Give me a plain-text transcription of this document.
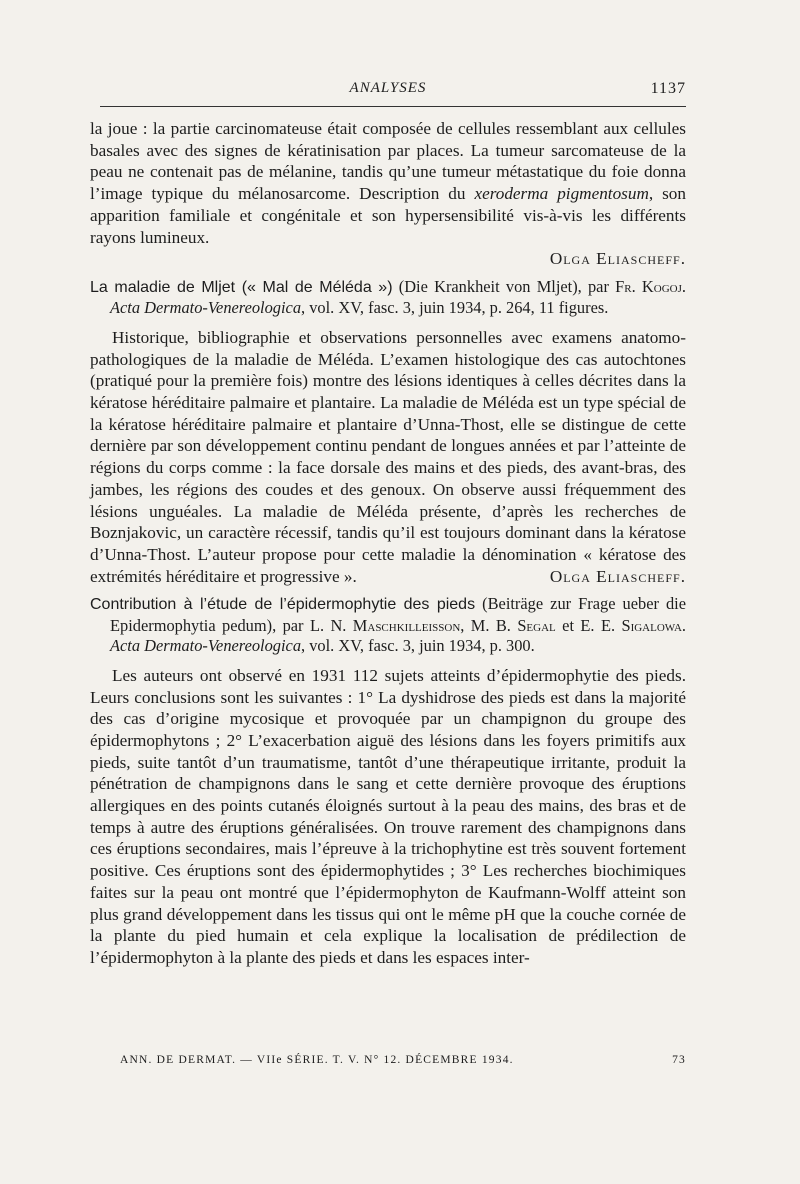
ANALYSES	1137

la joue : la partie carcinomateuse était composée de cellules ressemblant aux cellules basales avec des signes de kératinisation par places. La tumeur sarcomateuse de la peau ne contenait pas de mélanine, tandis qu’une tumeur métastatique du foie donna l’image typique du mélanosarcome. Description du xeroderma pigmentosum, son apparition familiale et congénitale et son hypersensibilité vis-à-vis les différents rayons lumineux.

Olga Eliascheff.

La maladie de Mljet (« Mal de Méléda ») (Die Krankheit von Mljet), par Fr. Kogoj. Acta Dermato-Venereologica, vol. XV, fasc. 3, juin 1934, p. 264, 11 figures.

Historique, bibliographie et observations personnelles avec examens anatomo-pathologiques de la maladie de Méléda. L’examen histologique des cas autochtones (pratiqué pour la première fois) montre des lésions identiques à celles décrites dans la kératose héréditaire palmaire et plantaire. La maladie de Méléda est un type spécial de la kératose héréditaire palmaire et plantaire d’Unna-Thost, elle se distingue de cette dernière par son développement continu pendant de longues années et par l’atteinte de régions du corps comme : la face dorsale des mains et des pieds, des avant-bras, des jambes, les régions des coudes et des genoux. On observe aussi fréquemment des lésions unguéales. La maladie de Méléda présente, d’après les recherches de Boznjakovic, un caractère récessif, tandis qu’il est toujours dominant dans la kératose d’Unna-Thost. L’auteur propose pour cette maladie la dénomination « kératose des extrémités héréditaire et progressive ».	Olga Eliascheff.

Contribution à l’étude de l’épidermophytie des pieds (Beiträge zur Frage ueber die Epidermophytia pedum), par L. N. Maschkilleisson, M. B. Segal et E. E. Sigalowa. Acta Dermato-Venereologica, vol. XV, fasc. 3, juin 1934, p. 300.

Les auteurs ont observé en 1931 112 sujets atteints d’épidermophytie des pieds. Leurs conclusions sont les suivantes : 1° La dyshidrose des pieds est dans la majorité des cas d’origine mycosique et provoquée par un champignon du groupe des épidermophytons ; 2° L’exacerbation aiguë des lésions dans les foyers primitifs aux pieds, suite tantôt d’un traumatisme, tantôt d’une thérapeutique irritante, produit la pénétration de champignons dans le sang et cette dernière provoque des éruptions allergiques en des points cutanés éloignés surtout à la peau des mains, des bras et de temps à autre des éruptions généralisées. On trouve rarement des champignons dans ces éruptions secondaires, mais l’épreuve à la trichophytine est très souvent fortement positive. Ces éruptions sont des épidermophytides ; 3° Les recherches biochimiques faites sur la peau ont montré que l’épidermophyton de Kaufmann-Wolff atteint son plus grand développement dans les tissus qui ont le même pH que la couche cornée de la plante du pied humain et cela explique la localisation de prédilection de l’épidermophyton à la plante des pieds et dans les espaces inter-

ANN. DE DERMAT. — VIIe SÉRIE. T. V. N° 12. DÉCEMBRE 1934.	73
